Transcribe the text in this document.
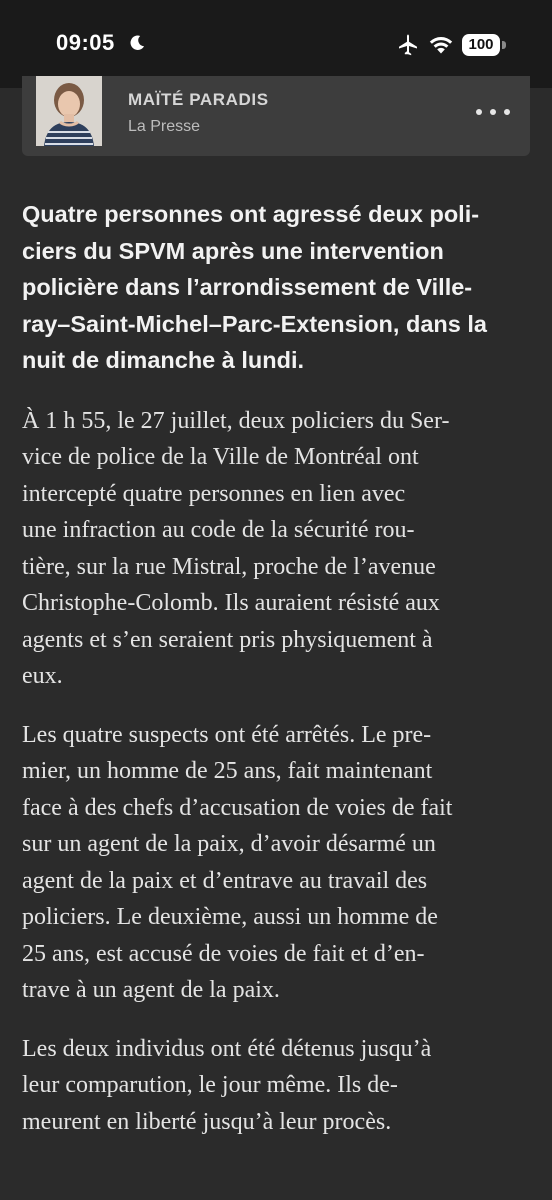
09:05	100
MAÏTÉ PARADIS
La Presse

Quatre personnes ont agressé deux poli-
ciers du SPVM après une intervention
policière dans l’arrondissement de Ville-
ray–Saint-Michel–Parc-Extension, dans la
nuit de dimanche à lundi.

À 1 h 55, le 27 juillet, deux policiers du Ser-
vice de police de la Ville de Montréal ont
intercepté quatre personnes en lien avec
une infraction au code de la sécurité rou-
tière, sur la rue Mistral, proche de l’avenue
Christophe-Colomb. Ils auraient résisté aux
agents et s’en seraient pris physiquement à
eux.

Les quatre suspects ont été arrêtés. Le pre-
mier, un homme de 25 ans, fait maintenant
face à des chefs d’accusation de voies de fait
sur un agent de la paix, d’avoir désarmé un
agent de la paix et d’entrave au travail des
policiers. Le deuxième, aussi un homme de
25 ans, est accusé de voies de fait et d’en-
trave à un agent de la paix.

Les deux individus ont été détenus jusqu’à
leur comparution, le jour même. Ils de-
meurent en liberté jusqu’à leur procès.
